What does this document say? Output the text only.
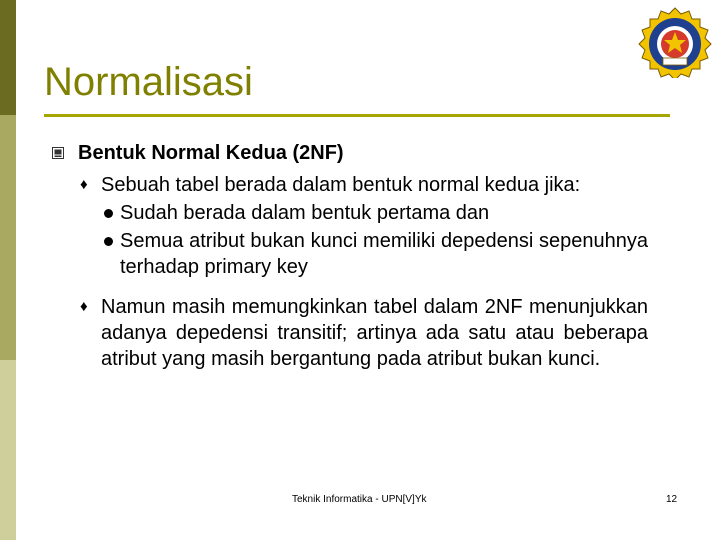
Normalisasi
Bentuk Normal Kedua (2NF)
♦ Sebuah tabel berada dalam bentuk normal kedua jika:
Sudah berada dalam bentuk pertama dan
Semua atribut bukan kunci memiliki depedensi sepenuhnya terhadap primary key
♦ Namun masih memungkinkan tabel dalam 2NF menunjukkan adanya depedensi transitif; artinya ada satu atau beberapa atribut yang masih bergantung pada atribut bukan kunci.
Teknik Informatika - UPN[V]Yk	12
